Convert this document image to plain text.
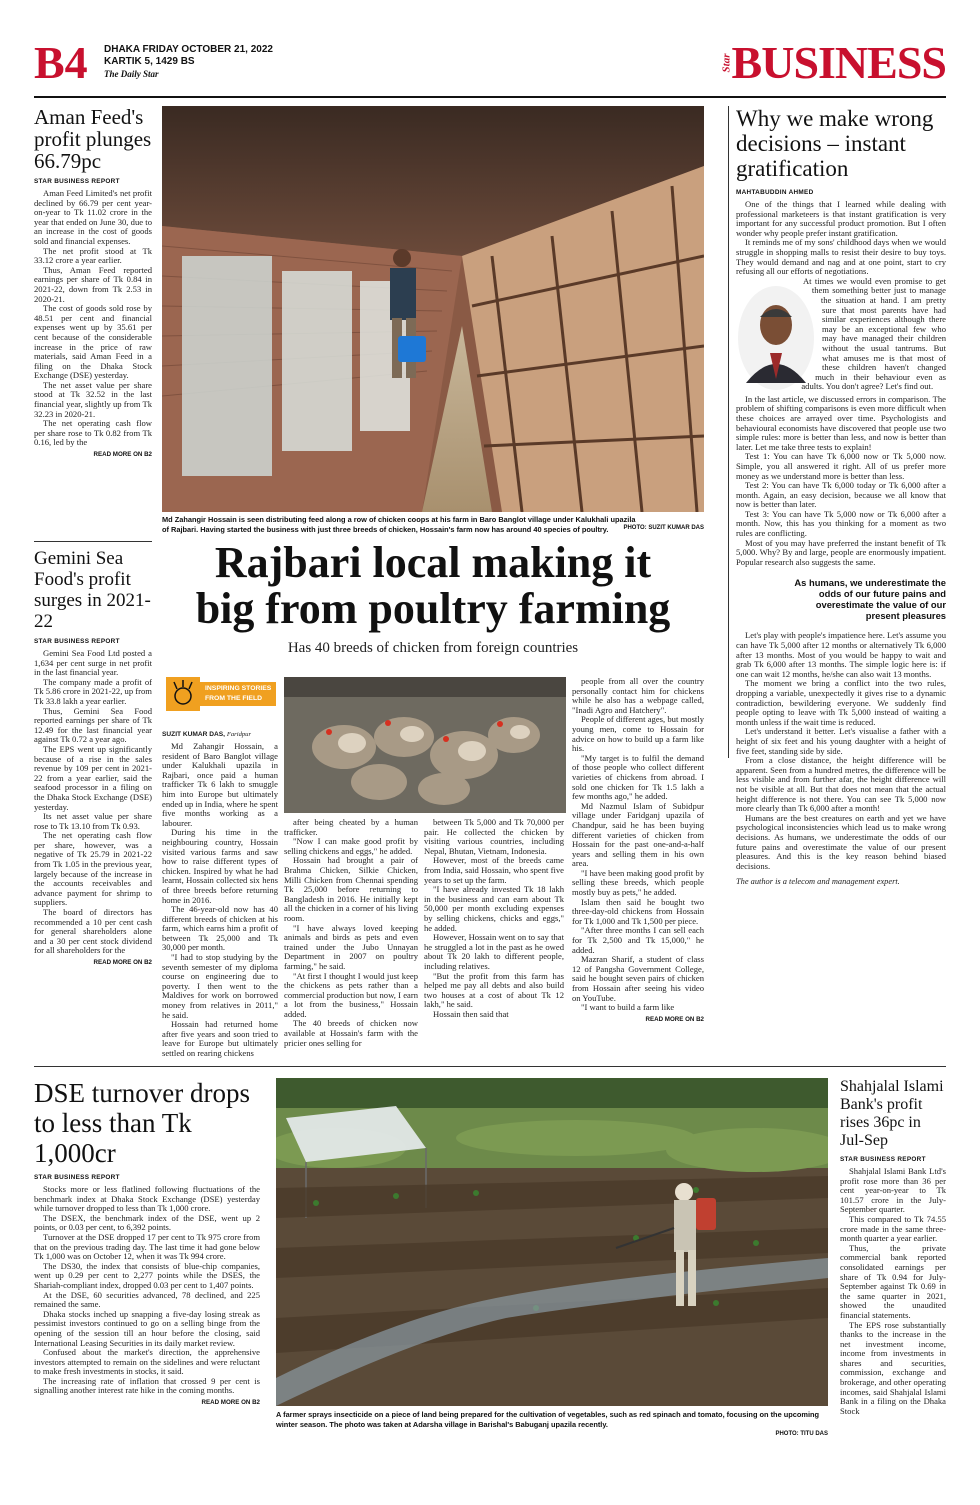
B4 DHAKA FRIDAY OCTOBER 21, 2022
KARTIK 5, 1429 BS
The Daily Star
Star BUSINESS
Aman Feed's profit plunges 66.79pc
STAR BUSINESS REPORT

Aman Feed Limited's net profit declined by 66.79 per cent year-on-year to Tk 11.02 crore in the year that ended on June 30, due to an increase in the cost of goods sold and financial expenses.

The net profit stood at Tk 33.12 crore a year earlier.

Thus, Aman Feed reported earnings per share of Tk 0.84 in 2021-22, down from Tk 2.53 in 2020-21.

The cost of goods sold rose by 48.51 per cent and financial expenses went up by 35.61 per cent because of the considerable increase in the price of raw materials, said Aman Feed in a filing on the Dhaka Stock Exchange (DSE) yesterday.

The net asset value per share stood at Tk 32.52 in the last financial year, slightly up from Tk 32.23 in 2020-21.

The net operating cash flow per share rose to Tk 0.82 from Tk 0.16, led by the

READ MORE ON B2
Gemini Sea Food's profit surges in 2021-22
STAR BUSINESS REPORT

Gemini Sea Food Ltd posted a 1,634 per cent surge in net profit in the last financial year.

The company made a profit of Tk 5.86 crore in 2021-22, up from Tk 33.8 lakh a year earlier.

Thus, Gemini Sea Food reported earnings per share of Tk 12.49 for the last financial year against Tk 0.72 a year ago.

The EPS went up significantly because of a rise in the sales revenue by 109 per cent in 2021-22 from a year earlier, said the seafood processor in a filing on the Dhaka Stock Exchange (DSE) yesterday.

Its net asset value per share rose to Tk 13.10 from Tk 0.93.

The net operating cash flow per share, however, was a negative of Tk 25.79 in 2021-22 from Tk 1.05 in the previous year, largely because of the increase in the accounts receivables and advance payment for shrimp to suppliers.

The board of directors has recommended a 10 per cent cash for general shareholders alone and a 30 per cent stock dividend for all shareholders for the

READ MORE ON B2
Md Zahangir Hossain is seen distributing feed along a row of chicken coops at his farm in Baro Banglot village under Kalukhali upazila of Rajbari. Having started the business with just three breeds of chicken, Hossain's farm now has around 40 species of poultry.	PHOTO: SUZIT KUMAR DAS
Rajbari local making it
big from poultry farming
Has 40 breeds of chicken from foreign countries
INSPIRING STORIES
FROM THE FIELD
SUZIT KUMAR DAS, Faridpur

Md Zahangir Hossain, a resident of Baro Banglot village under Kalukhali upazila in Rajbari, once paid a human trafficker Tk 6 lakh to smuggle him into Europe but ultimately ended up in India, where he spent five months working as a labourer.

During his time in the neighbouring country, Hossain visited various farms and saw how to raise different types of chicken. Inspired by what he had learnt, Hossain collected six hens of three breeds before returning home in 2016.

The 46-year-old now has 40 different breeds of chicken at his farm, which earns him a profit of between Tk 25,000 and Tk 30,000 per month.

"I had to stop studying by the seventh semester of my diploma course on engineering due to poverty. I then went to the Maldives for work on borrowed money from relatives in 2011," he said.

Hossain had returned home after five years and soon tried to leave for Europe but ultimately settled on rearing chickens

after being cheated by a human trafficker.

"Now I can make good profit by selling chickens and eggs," he added.

Hossain had brought a pair of Brahma Chicken, Silkie Chicken, Milli Chicken from Chennai spending Tk 25,000 before returning to Bangladesh in 2016. He initially kept all the chicken in a corner of his living room.

"I have always loved keeping animals and birds as pets and even trained under the Jubo Unnayan Department in 2007 on poultry farming," he said.

"At first I thought I would just keep the chickens as pets rather than a commercial production but now, I earn a lot from the business," Hossain added.

The 40 breeds of chicken now available at Hossain's farm with the pricier ones selling for

between Tk 5,000 and Tk 70,000 per pair. He collected the chicken by visiting various countries, including Nepal, Bhutan, Vietnam, Indonesia.

However, most of the breeds came from India, said Hossain, who spent five years to set up the farm.

"I have already invested Tk 18 lakh in the business and can earn about Tk 50,000 per month excluding expenses by selling chickens, chicks and eggs," he added.

However, Hossain went on to say that he struggled a lot in the past as he owed about Tk 20 lakh to different people, including relatives.

"But the profit from this farm has helped me pay all debts and also build two houses at a cost of about Tk 12 lakh," he said.

Hossain then said that

people from all over the country personally contact him for chickens while he also has a webpage called, "Inadi Agro and Hatchery".

People of different ages, but mostly young men, come to Hossain for advice on how to build up a farm like his.

"My target is to fulfil the demand of those people who collect different varieties of chickens from abroad. I sold one chicken for Tk 1.5 lakh a few months ago," he added.

Md Nazmul Islam of Subidpur village under Faridganj upazila of Chandpur, said he has been buying different varieties of chicken from Hossain for the past one-and-a-half years and selling them in his own area.

"I have been making good profit by selling these breeds, which people mostly buy as pets," he added.

Islam then said he bought two three-day-old chickens from Hossain for Tk 1,000 and Tk 1,500 per piece.

"After three months I can sell each for Tk 2,500 and Tk 15,000," he added.

Mazran Sharif, a student of class 12 of Pangsha Government College, said he bought seven pairs of chicken from Hossain after seeing his video on YouTube.

"I want to build a farm like

READ MORE ON B2
Why we make wrong decisions – instant gratification
MAHTABUDDIN AHMED

One of the things that I learned while dealing with professional marketeers is that instant gratification is very important for any successful product promotion. But I often wonder why people prefer instant gratification.

It reminds me of my sons' childhood days when we would struggle in shopping malls to resist their desire to buy toys. They would demand and nag and at one point, start to cry refusing all our efforts of negotiations.

At times we would even promise to get them something better just to manage the situation at hand. I am pretty sure that most parents have had similar experiences although there may be an exceptional few who may have managed their children without the usual tantrums. But what amuses me is that most of these children haven't changed much in their behaviour even as adults. You don't agree? Let's find out.

In the last article, we discussed errors in comparison. The problem of shifting comparisons is even more difficult when these choices are arrayed over time. Psychologists and behavioural economists have discovered that people use two simple rules: more is better than less, and now is better than later. Let me take three tests to explain!

Test 1: You can have Tk 6,000 now or Tk 5,000 now. Simple, you all answered it right. All of us prefer more money as we understand more is better than less.

Test 2: You can have Tk 6,000 today or Tk 6,000 after a month. Again, an easy decision, because we all know that now is better than later.

Test 3: You can have Tk 5,000 now or Tk 6,000 after a month. Now, this has you thinking for a moment as two rules are conflicting.

Most of you may have preferred the instant benefit of Tk 5,000. Why? By and large, people are enormously impatient. Popular research also suggests the same.

As humans, we underestimate the odds of our future pains and overestimate the value of our present pleasures

Let's play with people's impatience here. Let's assume you can have Tk 5,000 after 12 months or alternatively Tk 6,000 after 13 months. Most of you would be happy to wait and grab Tk 6,000 after 13 months. The simple logic here is: if one can wait 12 months, he/she can also wait 13 months.

The moment we bring a conflict into the two rules, dropping a variable, unexpectedly it gives rise to a dynamic contradiction, bewildering everyone. We suddenly find people opting to leave with Tk 5,000 instead of waiting a month unless if the wait time is reduced.

Let's understand it better. Let's visualise a father with a height of six feet and his young daughter with a height of five feet, standing side by side.

From a close distance, the height difference will be apparent. Seen from a hundred metres, the difference will be less visible and from further afar, the height difference will not be visible at all. But that does not mean that the actual height difference is not there. You can see Tk 5,000 now more clearly than Tk 6,000 after a month!

Humans are the best creatures on earth and yet we have psychological inconsistencies which lead us to make wrong decisions. As humans, we underestimate the odds of our future pains and overestimate the value of our present pleasures. And this is the key reason behind biased decisions.

The author is a telecom and management expert.
DSE turnover drops to less than Tk 1,000cr
STAR BUSINESS REPORT

Stocks more or less flatlined following fluctuations of the benchmark index at Dhaka Stock Exchange (DSE) yesterday while turnover dropped to less than Tk 1,000 crore.

The DSEX, the benchmark index of the DSE, went up 2 points, or 0.03 per cent, to 6,392 points.

Turnover at the DSE dropped 17 per cent to Tk 975 crore from that on the previous trading day. The last time it had gone below Tk 1,000 was on October 12, when it was Tk 994 crore.

The DS30, the index that consists of blue-chip companies, went up 0.29 per cent to 2,277 points while the DSES, the Shariah-compliant index, dropped 0.03 per cent to 1,407 points.

At the DSE, 60 securities advanced, 78 declined, and 225 remained the same.

Dhaka stocks inched up snapping a five-day losing streak as pessimist investors continued to go on a selling binge from the opening of the session till an hour before the closing, said International Leasing Securities in its daily market review.

Confused about the market's direction, the apprehensive investors attempted to remain on the sidelines and were reluctant to make fresh investments in stocks, it said.

The increasing rate of inflation that crossed 9 per cent is signalling another interest rate hike in the coming months.

READ MORE ON B2
A farmer sprays insecticide on a piece of land being prepared for the cultivation of vegetables, such as red spinach and tomato, focusing on the upcoming winter season. The photo was taken at Adarsha village in Barishal's Babuganj upazila recently.
PHOTO: TITU DAS
Shahjalal Islami Bank's profit rises 36pc in Jul-Sep
STAR BUSINESS REPORT

Shahjalal Islami Bank Ltd's profit rose more than 36 per cent year-on-year to Tk 101.57 crore in the July-September quarter.

This compared to Tk 74.55 crore made in the same three-month quarter a year earlier.

Thus, the private commercial bank reported consolidated earnings per share of Tk 0.94 for July-September against Tk 0.69 in the same quarter in 2021, showed the unaudited financial statements.

The EPS rose substantially thanks to the increase in the net investment income, income from investments in shares and securities, commission, exchange and brokerage, and other operating incomes, said Shahjalal Islami Bank in a filing on the Dhaka Stock
